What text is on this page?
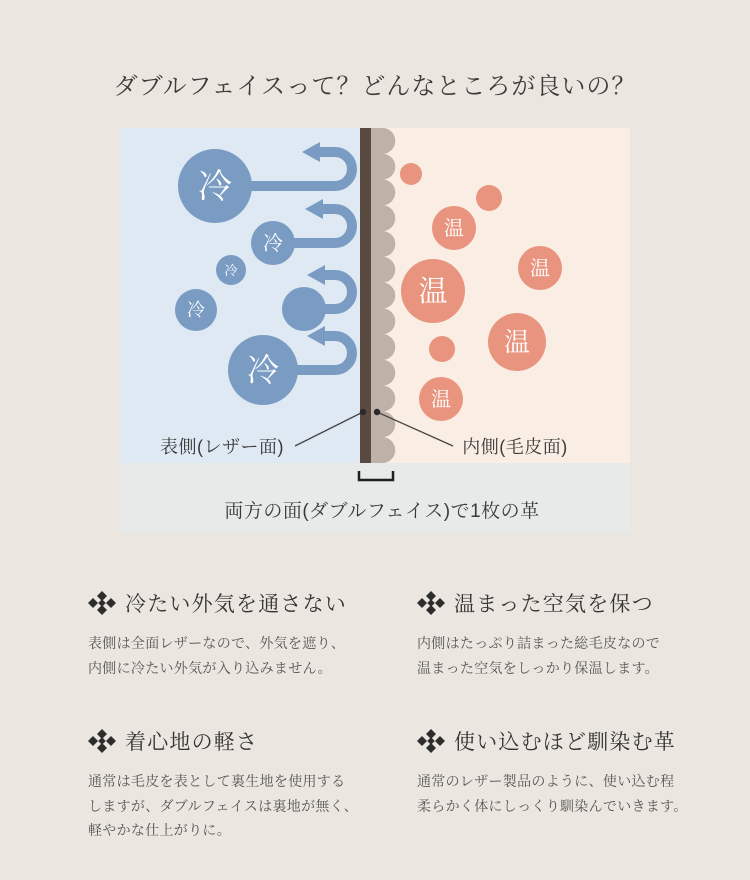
ダブルフェイスって？どんなところが良いの？
冷
冷
冷
冷
冷
温
温
温
温
温
表側(レザー面)	内側(毛皮面)
両方の面(ダブルフェイス)で1枚の革
冷たい外気を通さない

表側は全面レザーなので、外気を遮り、
内側に冷たい外気が入り込みません。

温まった空気を保つ

内側はたっぷり詰まった総毛皮なので
温まった空気をしっかり保温します。

着心地の軽さ

通常は毛皮を表として裏生地を使用する
しますが、ダブルフェイスは裏地が無く、
軽やかな仕上がりに。

使い込むほど馴染む革

通常のレザー製品のように、使い込む程
柔らかく体にしっくり馴染んでいきます。
